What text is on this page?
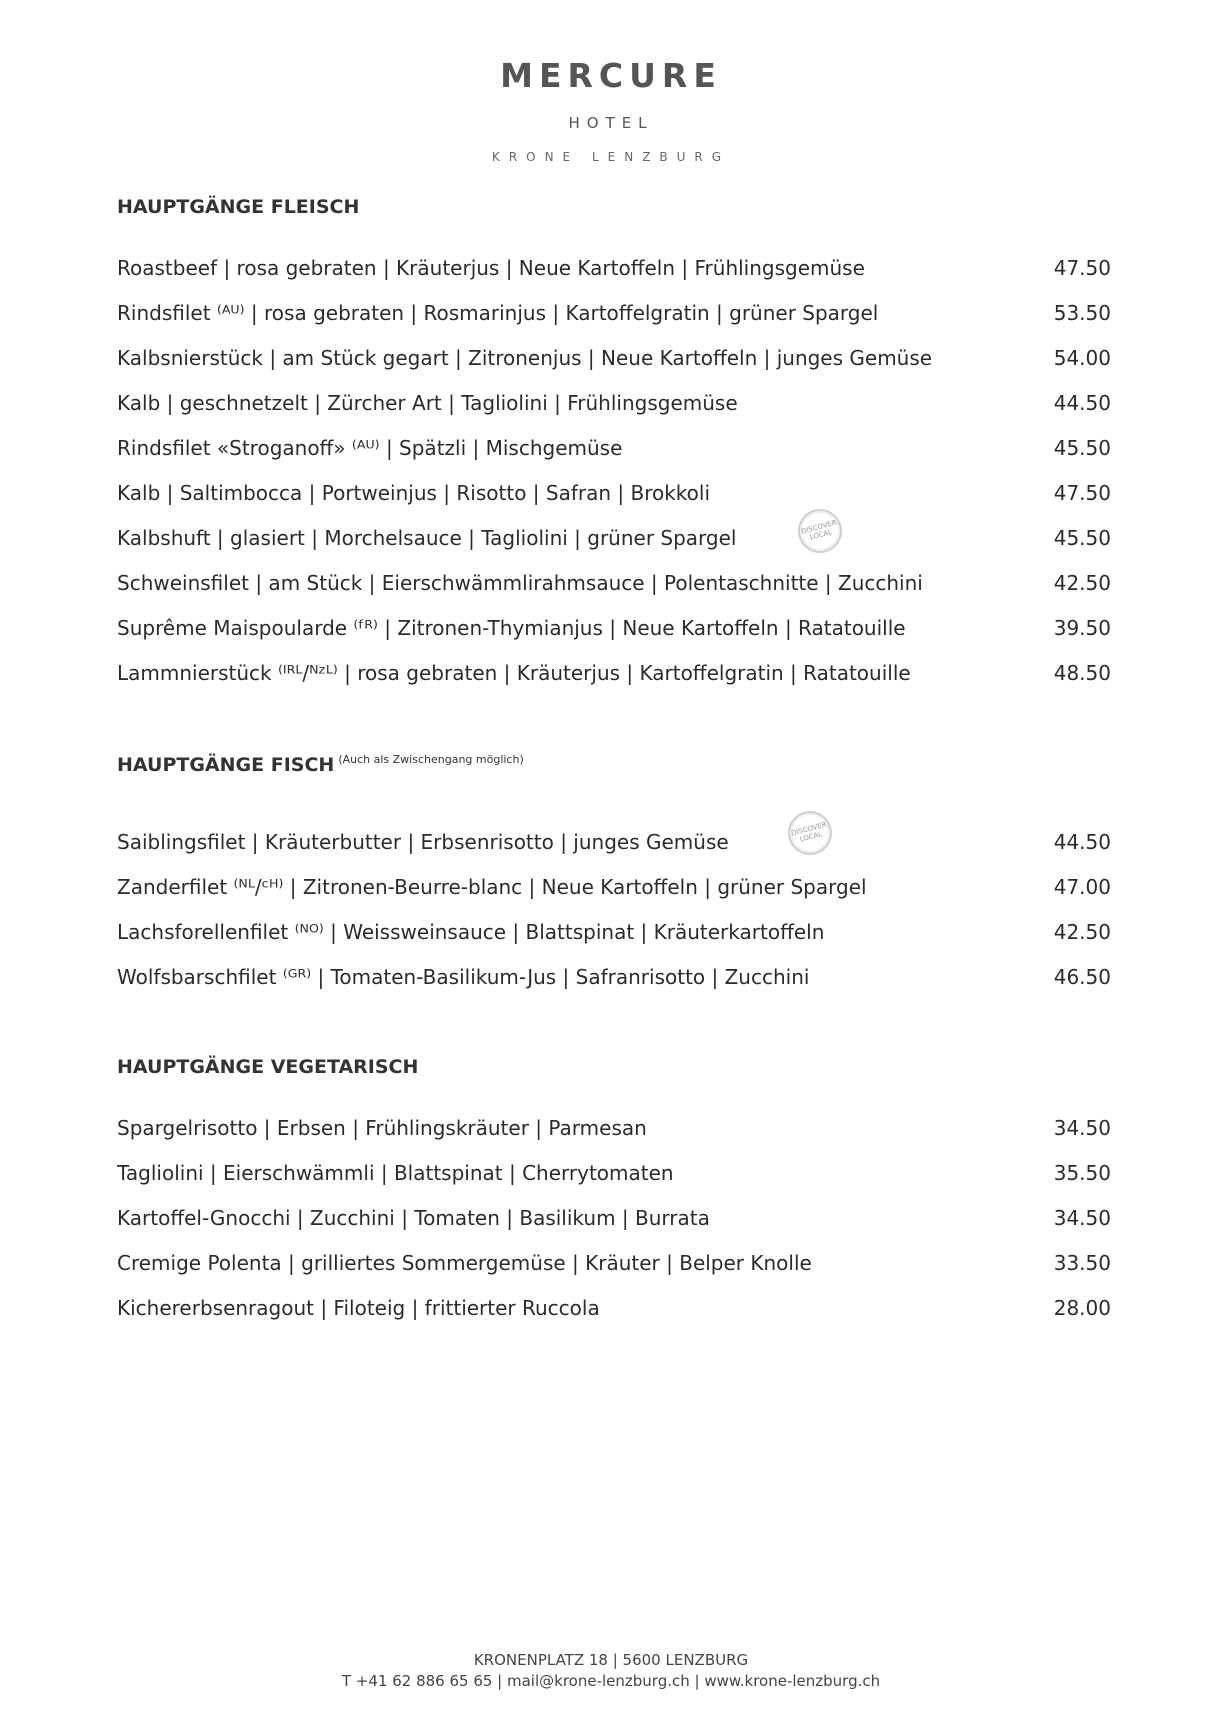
MERCURE
HOTEL
KRONE LENZBURG
HAUPTGÄNGE FLEISCH
Roastbeef | rosa gebraten | Kräuterjus | Neue Kartoffeln | Frühlingsgemüse	47.50
Rindsfilet ⁽ᴬᵁ⁾ | rosa gebraten | Rosmarinjus | Kartoffelgratin | grüner Spargel	53.50
Kalbsnierstück | am Stück gegart | Zitronenjus | Neue Kartoffeln | junges Gemüse	54.00
Kalb | geschnetzelt | Zürcher Art | Tagliolini | Frühlingsgemüse	44.50
Rindsfilet «Stroganoff» ⁽ᴬᵁ⁾ | Spätzli | Mischgemüse	45.50
Kalb | Saltimbocca | Portweinjus | Risotto | Safran | Brokkoli	47.50
Kalbshuft | glasiert | Morchelsauce | Tagliolini | grüner Spargel	45.50
DISCOVER LOCAL
Schweinsfilet | am Stück | Eierschwämmlirahmsauce | Polentaschnitte | Zucchini	42.50
Suprême Maispoularde ⁽ᶠᴿ⁾ | Zitronen-Thymianjus | Neue Kartoffeln | Ratatouille	39.50
Lammnierstück ⁽ᴵᴿᴸ/ᴺᶻᴸ⁾ | rosa gebraten | Kräuterjus | Kartoffelgratin | Ratatouille	48.50
HAUPTGÄNGE FISCH $^{(Auch als Zwischengang möglich)}$
Saiblingsfilet | Kräuterbutter | Erbsenrisotto | junges Gemüse	44.50
DISCOVER LOCAL
Zanderfilet ⁽ᴺᴸ/ᶜᴴ⁾ | Zitronen-Beurre-blanc | Neue Kartoffeln | grüner Spargel	47.00
Lachsforellenfilet ⁽ᴺᴼ⁾ | Weissweinsauce | Blattspinat | Kräuterkartoffeln	42.50
Wolfsbarschfilet ⁽ᴳᴿ⁾ | Tomaten-Basilikum-Jus | Safranrisotto | Zucchini	46.50
HAUPTGÄNGE VEGETARISCH
Spargelrisotto | Erbsen | Frühlingskräuter | Parmesan	34.50
Tagliolini | Eierschwämmli | Blattspinat | Cherrytomaten	35.50
Kartoffel-Gnocchi | Zucchini | Tomaten | Basilikum | Burrata	34.50
Cremige Polenta | grilliertes Sommergemüse | Kräuter | Belper Knolle	33.50
Kichererbsenragout | Filoteig | frittierter Ruccola	28.00
KRONENPLATZ 18 | 5600 LENZBURG
T +41 62 886 65 65 | mail@krone-lenzburg.ch | www.krone-lenzburg.ch
